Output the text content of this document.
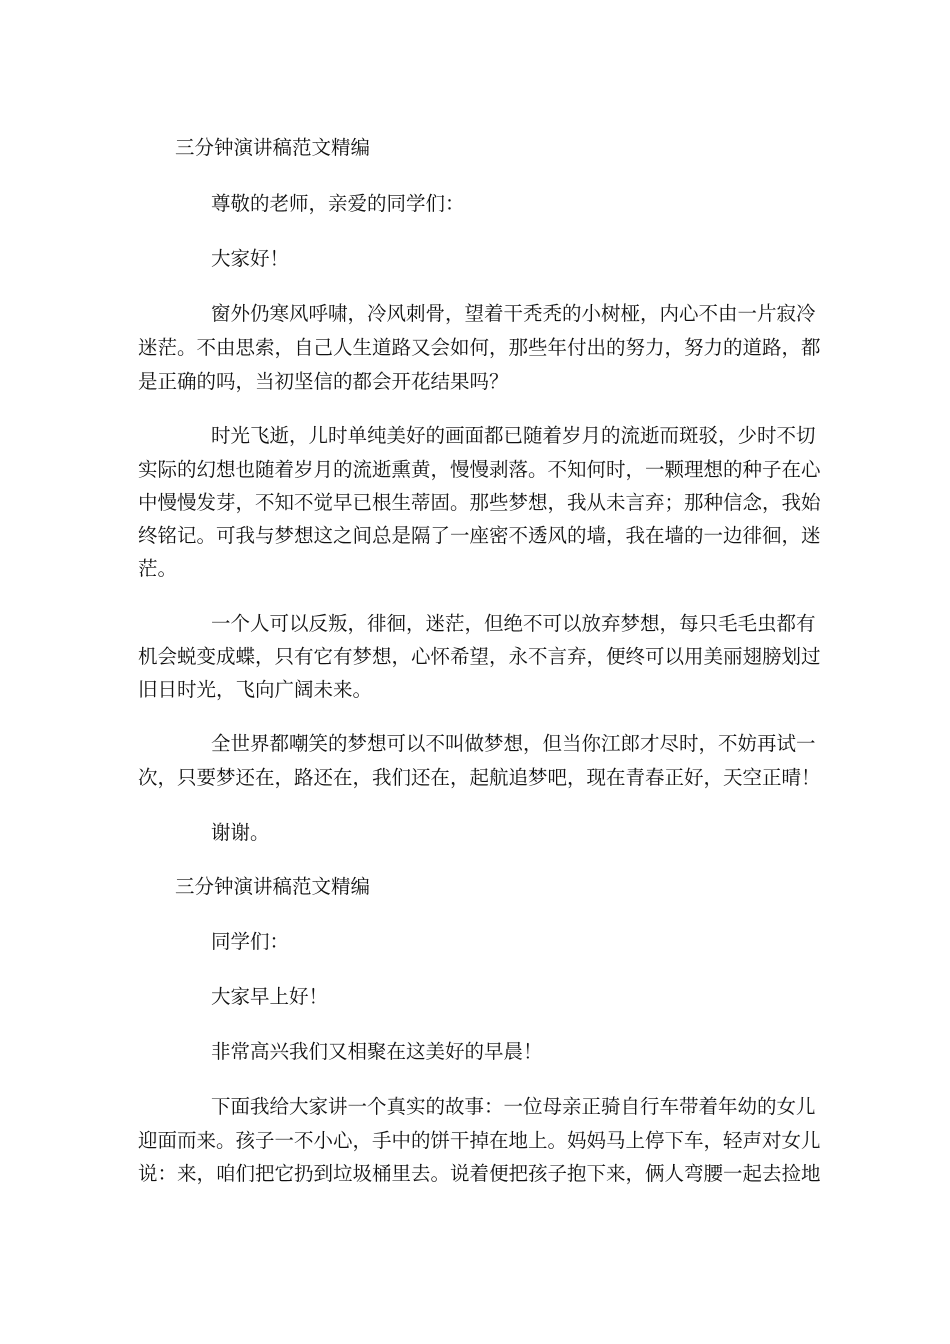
三分钟演讲稿范文精编

尊敬的老师，亲爱的同学们：

大家好！

窗外仍寒风呼啸，冷风刺骨，望着干秃秃的小树桠，内心不由一片寂冷

迷茫。不由思索，自己人生道路又会如何，那些年付出的努力，努力的道路，都

是正确的吗，当初坚信的都会开花结果吗？

时光飞逝，儿时单纯美好的画面都已随着岁月的流逝而斑驳，少时不切

实际的幻想也随着岁月的流逝熏黄，慢慢剥落。不知何时，一颗理想的种子在心

中慢慢发芽，不知不觉早已根生蒂固。那些梦想，我从未言弃；那种信念，我始

终铭记。可我与梦想这之间总是隔了一座密不透风的墙，我在墙的一边徘徊，迷

茫。

一个人可以反叛，徘徊，迷茫，但绝不可以放弃梦想，每只毛毛虫都有

机会蜕变成蝶，只有它有梦想，心怀希望，永不言弃，便终可以用美丽翅膀划过

旧日时光，飞向广阔未来。

全世界都嘲笑的梦想可以不叫做梦想，但当你江郎才尽时，不妨再试一

次，只要梦还在，路还在，我们还在，起航追梦吧，现在青春正好，天空正晴！

谢谢。

三分钟演讲稿范文精编

同学们：

大家早上好！

非常高兴我们又相聚在这美好的早晨！

下面我给大家讲一个真实的故事：一位母亲正骑自行车带着年幼的女儿

迎面而来。孩子一不小心，手中的饼干掉在地上。妈妈马上停下车，轻声对女儿

说：来，咱们把它扔到垃圾桶里去。说着便把孩子抱下来，俩人弯腰一起去捡地
